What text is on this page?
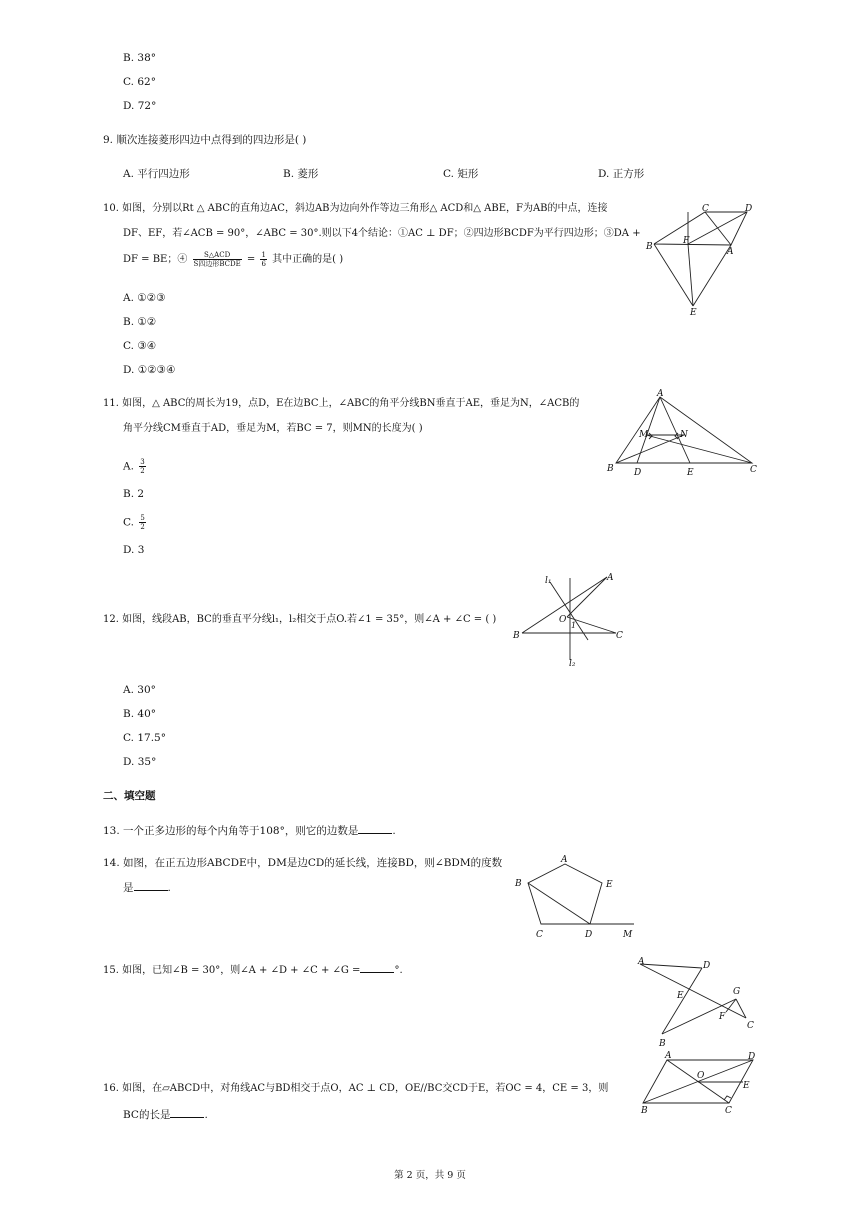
B. 38°
C. 62°
D. 72°
9. 顺次连接菱形四边中点得到的四边形是( )
A. 平行四边形	B. 菱形	C. 矩形	D. 正方形
10. 如图，分别以Rt △ ABC的直角边AC，斜边AB为边向外作等边三角形△ ACD和△ ABE，F为AB的中点，连接
DF、EF，若∠ACB = 90°，∠ABC = 30°.则以下4个结论：①AC ⊥ DF；②四边形BCDF为平行四边形；③DA +
DF = BE；④ $\frac{\text{S△ACD}}{\text{S四边形BCDE}} = \frac{1}{6}$ 其中正确的是( )
A. ①②③
B. ①②
C. ③④
D. ①②③④
C	D
B
F
A
E
11. 如图，△ ABC的周长为19，点D，E在边BC上，∠ABC的角平分线BN垂直于AE，垂足为N，∠ACB的
角平分线CM垂直于AD，垂足为M，若BC = 7，则MN的长度为( )
A. $\frac{3}{2}$
B. 2
C. $\frac{5}{2}$
D. 3
A
B D	E	C
M	N
12. 如图，线段AB，BC的垂直平分线l₁，l₂相交于点O.若∠1 = 35°，则∠A + ∠C = ( )
A. 30°
B. 40°
C. 17.5°
D. 35°
l₁	A
O
1
B	C
l₂
二、填空题
13. 一个正多边形的每个内角等于108°，则它的边数是	.
14. 如图，在正五边形ABCDE中，DM是边CD的延长线，连接BD，则∠BDM的度数
是	.
A
B	E
C	D	M
15. 如图，已知∠B = 30°，则∠A + ∠D + ∠C + ∠G =	°.
A	D
E	G
F
C
B
16. 如图，在▱ABCD中，对角线AC与BD相交于点O，AC ⊥ CD，OE//BC交CD于E，若OC = 4，CE = 3，则
BC的长是	.
A	D
O
E
B	C
第 2 页，共 9 页
